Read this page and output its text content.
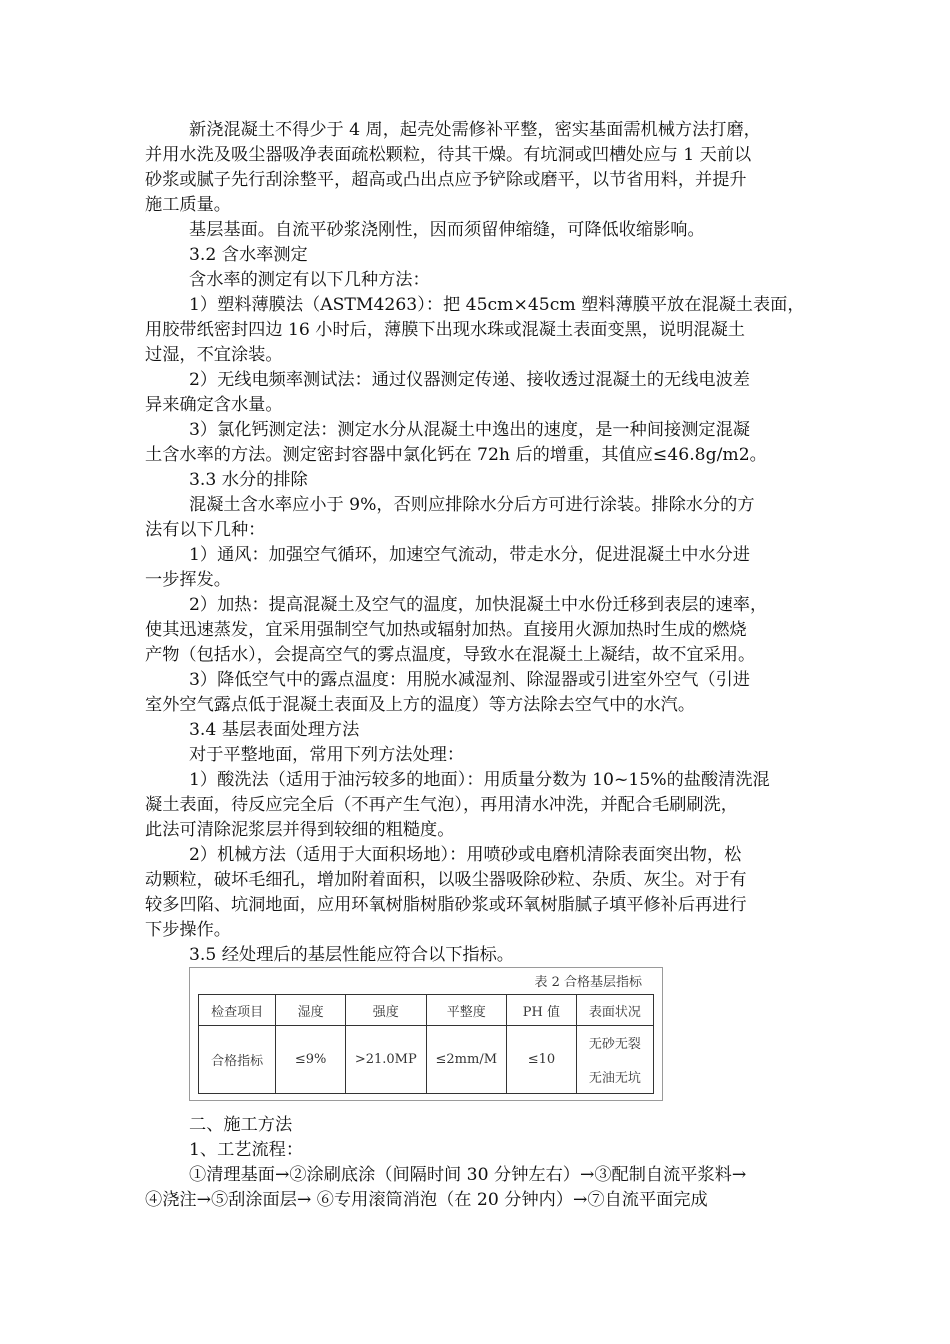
新浇混凝土不得少于 4 周，起壳处需修补平整，密实基面需机械方法打磨，
并用水洗及吸尘器吸净表面疏松颗粒，待其干燥。有坑洞或凹槽处应与 1 天前以
砂浆或腻子先行刮涂整平，超高或凸出点应予铲除或磨平，以节省用料，并提升
施工质量。
基层基面。自流平砂浆浇刚性，因而须留伸缩缝，可降低收缩影响。
3.2 含水率测定
含水率的测定有以下几种方法：
1）塑料薄膜法（ASTM4263）：把 45cm×45cm 塑料薄膜平放在混凝土表面，
用胶带纸密封四边 16 小时后，薄膜下出现水珠或混凝土表面变黑，说明混凝土
过湿，不宜涂装。
2）无线电频率测试法：通过仪器测定传递、接收透过混凝土的无线电波差
异来确定含水量。
3）氯化钙测定法：测定水分从混凝土中逸出的速度，是一种间接测定混凝
土含水率的方法。测定密封容器中氯化钙在 72h 后的增重，其值应≤46.8g/m2。
3.3 水分的排除
混凝土含水率应小于 9%，否则应排除水分后方可进行涂装。排除水分的方
法有以下几种：
1）通风：加强空气循环，加速空气流动，带走水分，促进混凝土中水分进
一步挥发。
2）加热：提高混凝土及空气的温度，加快混凝土中水份迁移到表层的速率，
使其迅速蒸发，宜采用强制空气加热或辐射加热。直接用火源加热时生成的燃烧
产物（包括水），会提高空气的雾点温度，导致水在混凝土上凝结，故不宜采用。
3）降低空气中的露点温度：用脱水减湿剂、除湿器或引进室外空气（引进
室外空气露点低于混凝土表面及上方的温度）等方法除去空气中的水汽。
3.4 基层表面处理方法
对于平整地面，常用下列方法处理：
1）酸洗法（适用于油污较多的地面）：用质量分数为 10~15%的盐酸清洗混
凝土表面，待反应完全后（不再产生气泡），再用清水冲洗，并配合毛刷刷洗，
此法可清除泥浆层并得到较细的粗糙度。
2）机械方法（适用于大面积场地）：用喷砂或电磨机清除表面突出物，松
动颗粒，破坏毛细孔，增加附着面积，以吸尘器吸除砂粒、杂质、灰尘。对于有
较多凹陷、坑洞地面，应用环氧树脂树脂砂浆或环氧树脂腻子填平修补后再进行
下步操作。
3.5 经处理后的基层性能应符合以下指标。
表 2 合格基层指标
检查项目	湿度	强度	平整度	PH 值	表面状况
合格指标	≤9%	>21.0MP	≤2mm/M	≤10	无砂无裂
无油无坑
二、施工方法
1、工艺流程：
①清理基面→②涂刷底涂（间隔时间 30 分钟左右）→③配制自流平浆料→
④浇注→⑤刮涂面层→ ⑥专用滚筒消泡（在 20 分钟内）→⑦自流平面完成
